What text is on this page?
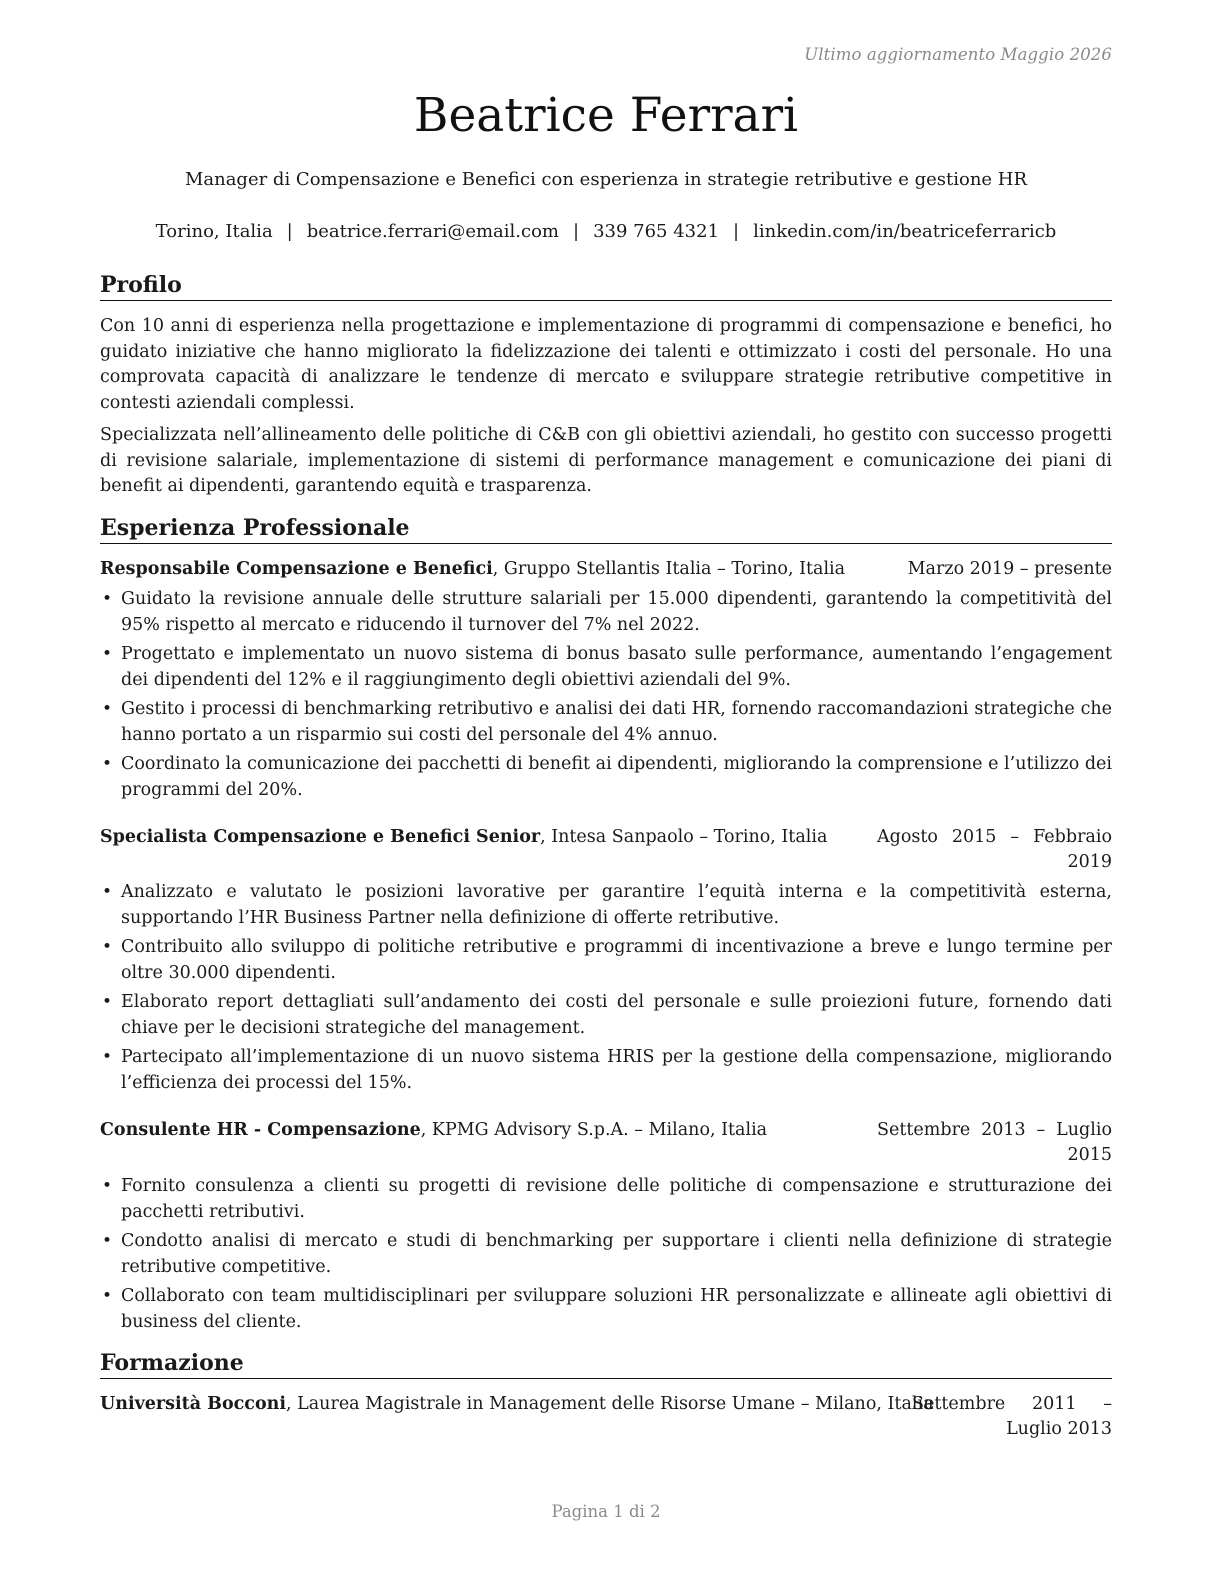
Ultimo aggiornamento Maggio 2026
Beatrice Ferrari
Manager di Compensazione e Benefici con esperienza in strategie retributive e gestione HR
Torino, Italia | beatrice.ferrari@email.com | 339 765 4321 | linkedin.com/in/beatriceferraricb
Profilo

Con 10 anni di esperienza nella progettazione e implementazione di programmi di compensazione e benefici, ho guidato iniziative che hanno migliorato la fidelizzazione dei talenti e ottimizzato i costi del personale. Ho una comprovata capacità di analizzare le tendenze di mercato e sviluppare strategie retributive competitive in contesti aziendali complessi.

Specializzata nell’allineamento delle politiche di C&B con gli obiettivi aziendali, ho gestito con successo progetti di revisione salariale, implementazione di sistemi di performance management e comunicazione dei piani di benefit ai dipendenti, garantendo equità e trasparenza.

Esperienza Professionale
Responsabile Compensazione e Benefici, Gruppo Stellantis Italia – Torino, Italia	Marzo 2019 – presente
• Guidato la revisione annuale delle strutture salariali per 15.000 dipendenti, garantendo la competitività del 95% rispetto al mercato e riducendo il turnover del 7% nel 2022.
• Progettato e implementato un nuovo sistema di bonus basato sulle performance, aumentando l’engagement dei dipendenti del 12% e il raggiungimento degli obiettivi aziendali del 9%.
• Gestito i processi di benchmarking retributivo e analisi dei dati HR, fornendo raccomandazioni strategiche che hanno portato a un risparmio sui costi del personale del 4% annuo.
• Coordinato la comunicazione dei pacchetti di benefit ai dipendenti, migliorando la comprensione e l’utilizzo dei programmi del 20%.
Specialista Compensazione e Benefici Senior, Intesa Sanpaolo – Torino, Italia	Agosto 2015 – Febbraio 2019
• Analizzato e valutato le posizioni lavorative per garantire l’equità interna e la competitività esterna, supportando l’HR Business Partner nella definizione di offerte retributive.
• Contribuito allo sviluppo di politiche retributive e programmi di incentivazione a breve e lungo termine per oltre 30.000 dipendenti.
• Elaborato report dettagliati sull’andamento dei costi del personale e sulle proiezioni future, fornendo dati chiave per le decisioni strategiche del management.
• Partecipato all’implementazione di un nuovo sistema HRIS per la gestione della compensazione, migliorando l’efficienza dei processi del 15%.
Consulente HR - Compensazione, KPMG Advisory S.p.A. – Milano, Italia	Settembre 2013 – Luglio 2015
• Fornito consulenza a clienti su progetti di revisione delle politiche di compensazione e strutturazione dei pacchetti retributivi.
• Condotto analisi di mercato e studi di benchmarking per supportare i clienti nella definizione di strategie retributive competitive.
• Collaborato con team multidisciplinari per sviluppare soluzioni HR personalizzate e allineate agli obiettivi di business del cliente.
Formazione
Università Bocconi, Laurea Magistrale in Management delle Risorse Umane – Milano, Italia
Settembre 2011 – Luglio 2013
Pagina 1 di 2
